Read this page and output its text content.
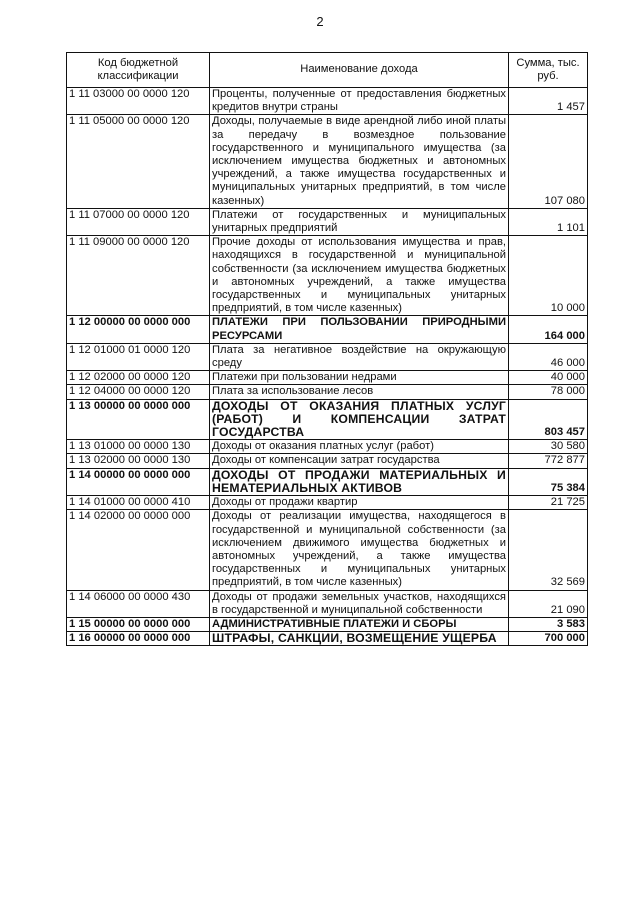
2
Код бюджетной классификации	Наименование дохода	Сумма, тыс. руб.
1 11 03000 00 0000 120	Проценты, полученные от предоставления бюджетных кредитов внутри страны	1 457
1 11 05000 00 0000 120	Доходы, получаемые в виде арендной либо иной платы за передачу в возмездное пользование государственного и муниципального имущества (за исключением имущества бюджетных и автономных учреждений, а также имущества государственных и муниципальных унитарных предприятий, в том числе казенных)	107 080
1 11 07000 00 0000 120	Платежи от государственных и муниципальных унитарных предприятий	1 101
1 11 09000 00 0000 120	Прочие доходы от использования имущества и прав, находящихся в государственной и муниципальной собственности (за исключением имущества бюджетных и автономных учреждений, а также имущества государственных и муниципальных унитарных предприятий, в том числе казенных)	10 000
1 12 00000 00 0000 000	ПЛАТЕЖИ ПРИ ПОЛЬЗОВАНИИ ПРИРОДНЫМИ РЕСУРСАМИ	164 000
1 12 01000 01 0000 120	Плата за негативное воздействие на окружающую среду	46 000
1 12 02000 00 0000 120	Платежи при пользовании недрами	40 000
1 12 04000 00 0000 120	Плата за использование лесов	78 000
1 13 00000 00 0000 000	ДОХОДЫ ОТ ОКАЗАНИЯ ПЛАТНЫХ УСЛУГ (РАБОТ) И КОМПЕНСАЦИИ ЗАТРАТ ГОСУДАРСТВА	803 457
1 13 01000 00 0000 130	Доходы от оказания платных услуг (работ)	30 580
1 13 02000 00 0000 130	Доходы от компенсации затрат государства	772 877
1 14 00000 00 0000 000	ДОХОДЫ ОТ ПРОДАЖИ МАТЕРИАЛЬНЫХ И НЕМАТЕРИАЛЬНЫХ АКТИВОВ	75 384
1 14 01000 00 0000 410	Доходы от продажи квартир	21 725
1 14 02000 00 0000 000	Доходы от реализации имущества, находящегося в государственной и муниципальной собственности (за исключением движимого имущества бюджетных и автономных учреждений, а также имущества государственных и муниципальных унитарных предприятий, в том числе казенных)	32 569
1 14 06000 00 0000 430	Доходы от продажи земельных участков, находящихся в государственной и муниципальной собственности	21 090
1 15 00000 00 0000 000	АДМИНИСТРАТИВНЫЕ ПЛАТЕЖИ И СБОРЫ	3 583
1 16 00000 00 0000 000	ШТРАФЫ, САНКЦИИ, ВОЗМЕЩЕНИЕ УЩЕРБА	700 000
